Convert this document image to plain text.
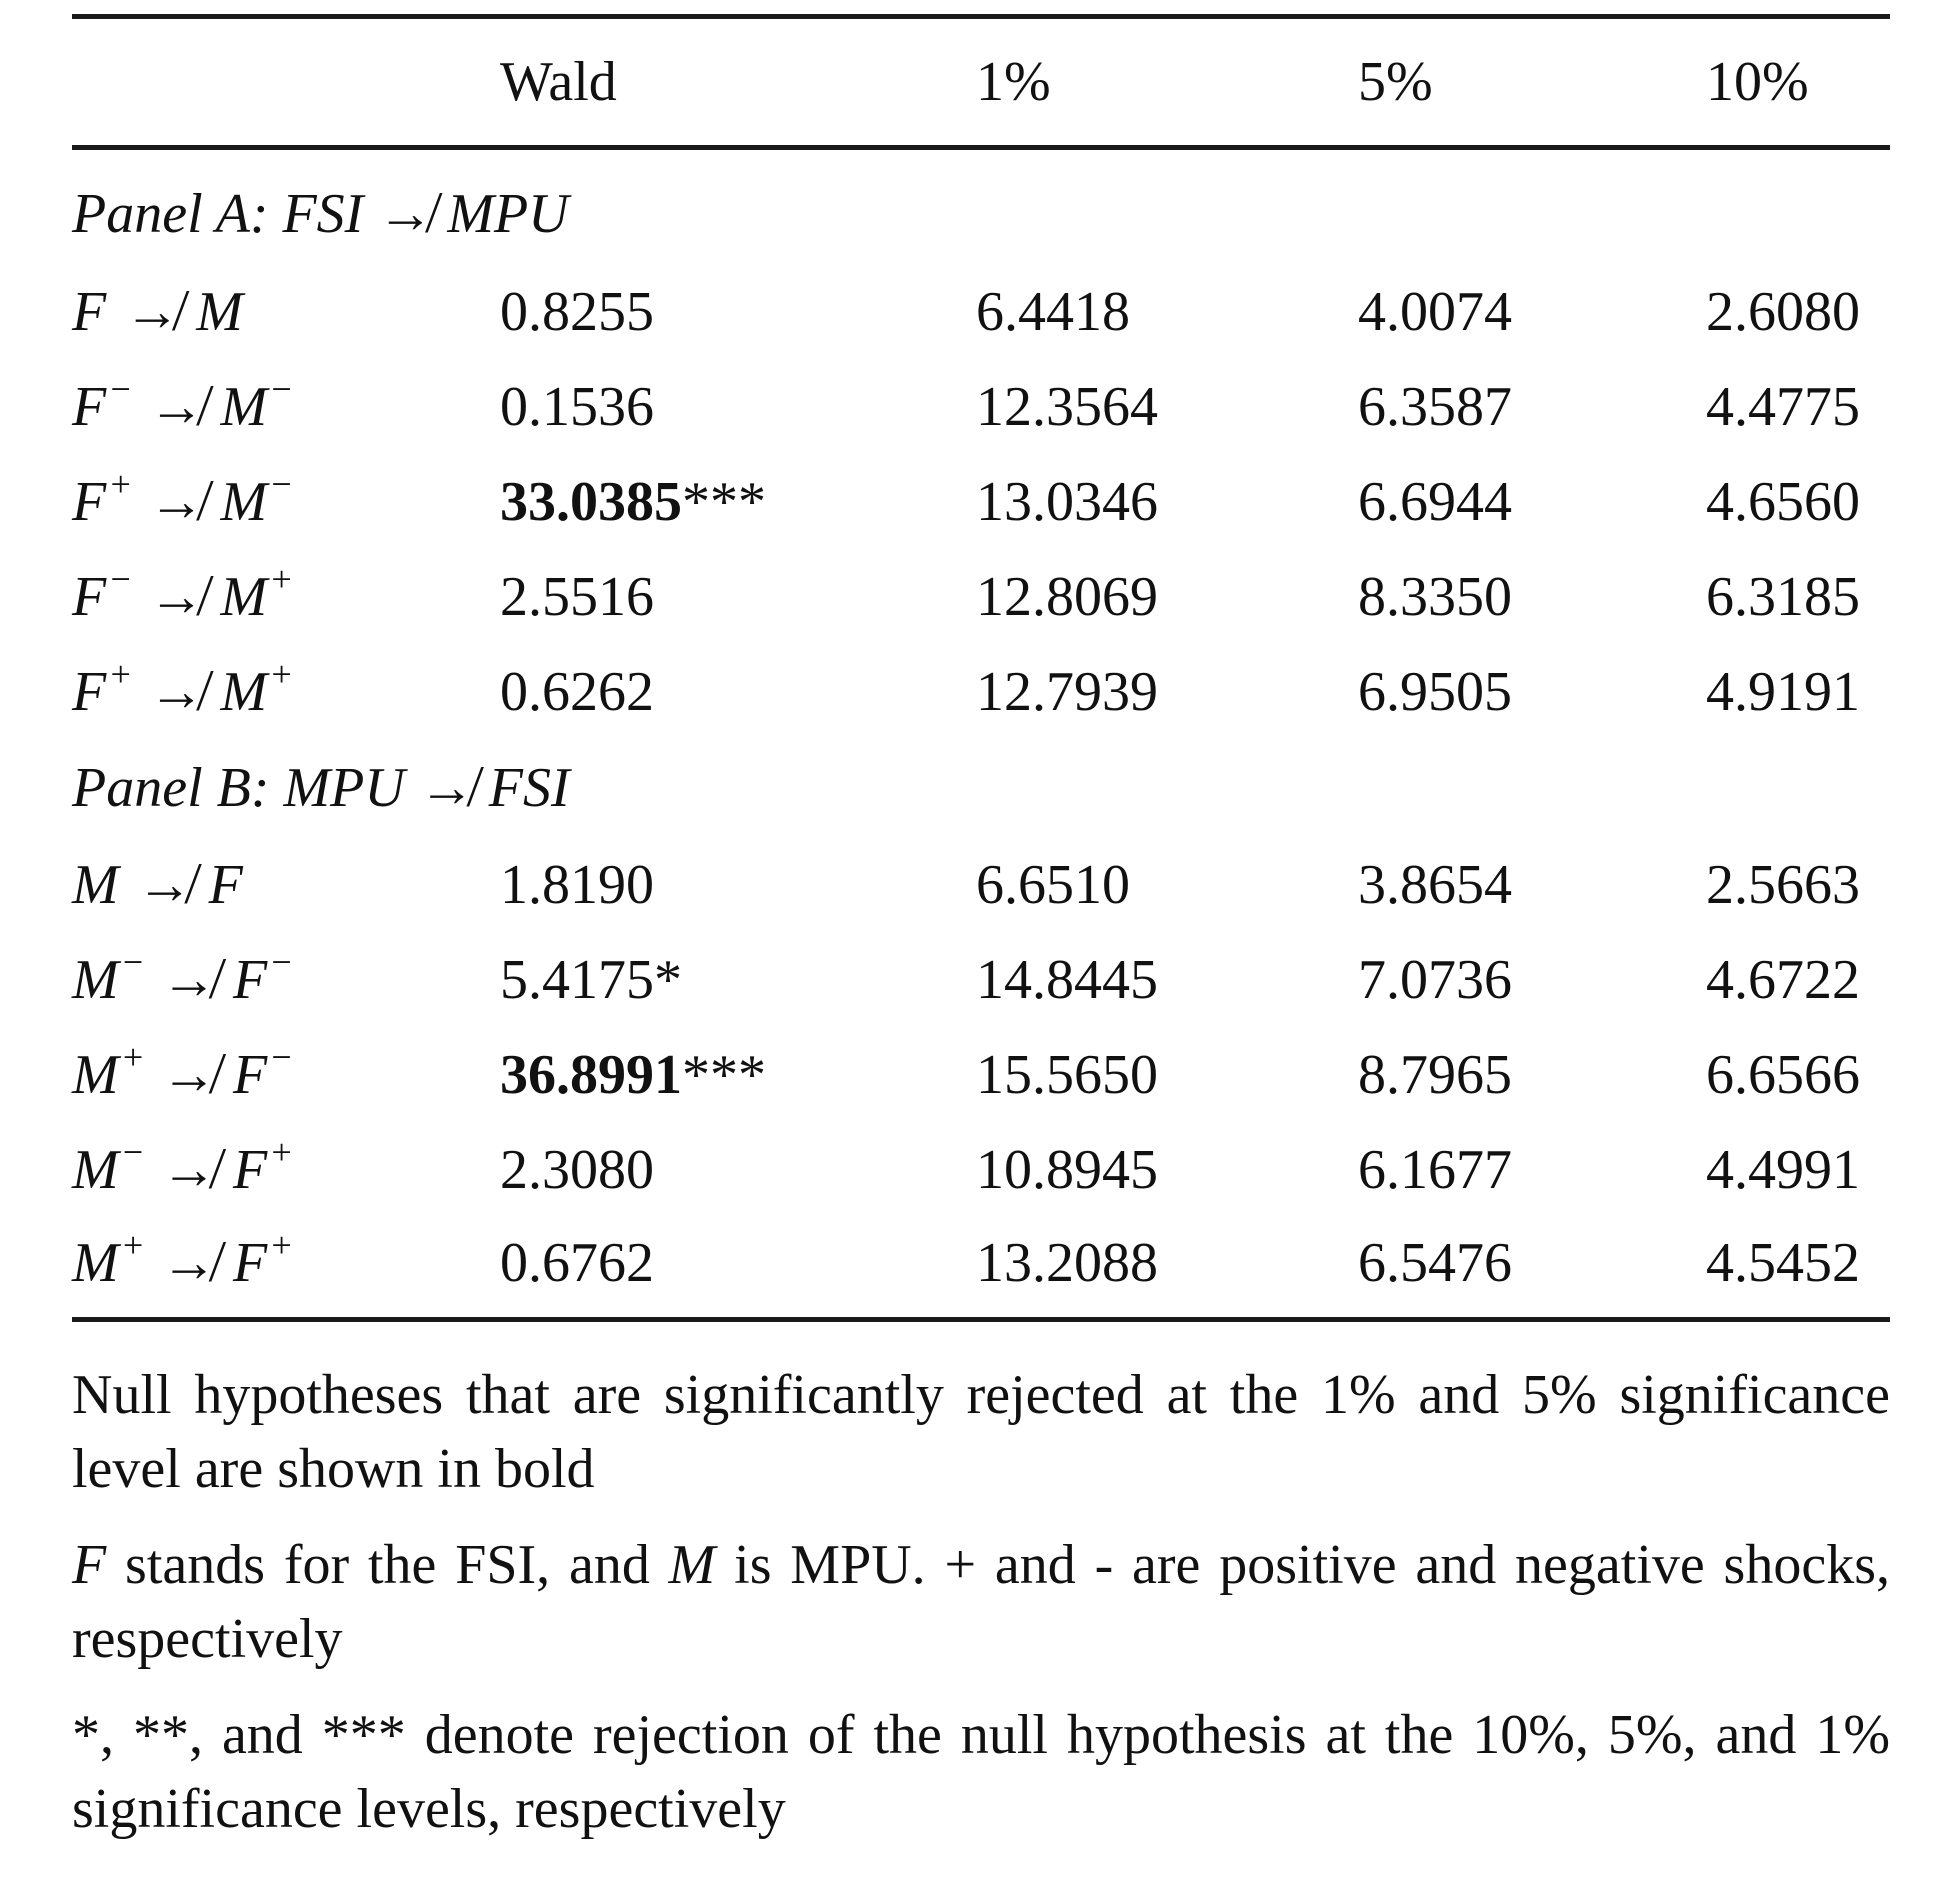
	Wald	1%	5%	10%
Panel A: FSI ↛ MPU				
F ↛ M	0.8255	6.4418	4.0074	2.6080
F− ↛ M−	0.1536	12.3564	6.3587	4.4775
F+ ↛ M−	33.0385***	13.0346	6.6944	4.6560
F− ↛ M+	2.5516	12.8069	8.3350	6.3185
F+ ↛ M+	0.6262	12.7939	6.9505	4.9191
Panel B: MPU ↛ FSI				
M ↛ F	1.8190	6.6510	3.8654	2.5663
M− ↛ F−	5.4175*	14.8445	7.0736	4.6722
M+ ↛ F−	36.8991***	15.5650	8.7965	6.6566
M− ↛ F+	2.3080	10.8945	6.1677	4.4991
M+ ↛ F+	0.6762	13.2088	6.5476	4.5452

Null hypotheses that are significantly rejected at the 1% and 5% significance level are shown in bold

F stands for the FSI, and M is MPU. + and - are positive and negative shocks, respectively

*, **, and *** denote rejection of the null hypothesis at the 10%, 5%, and 1% significance levels, respectively
